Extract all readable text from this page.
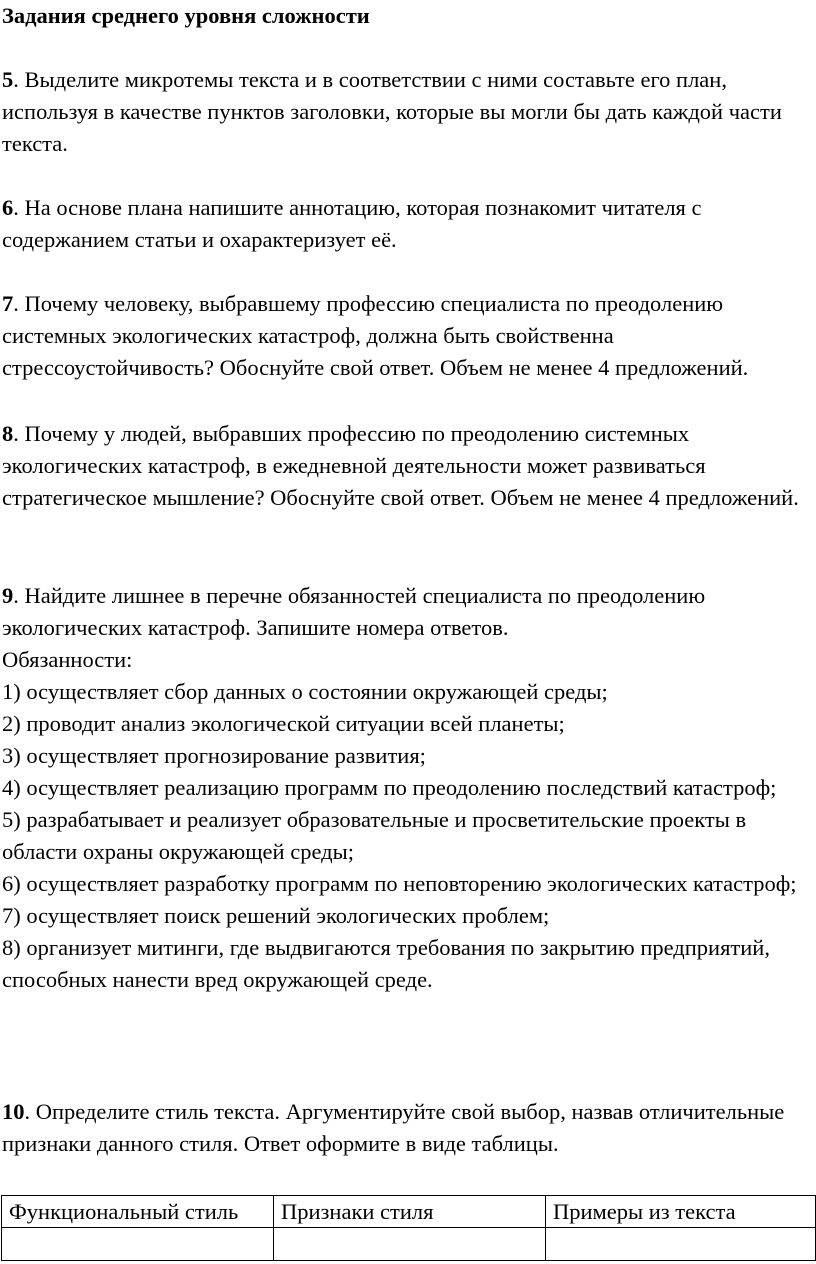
Задания среднего уровня сложности
5. Выделите микротемы текста и в соответствии с ними составьте его план, используя в качестве пунктов заголовки, которые вы могли бы дать каждой части текста.
6. На основе плана напишите аннотацию, которая познакомит читателя с содержанием статьи и охарактеризует её.
7. Почему человеку, выбравшему профессию специалиста по преодолению системных экологических катастроф, должна быть свойственна стрессоустойчивость? Обоснуйте свой ответ. Объем не менее 4 предложений.
8. Почему у людей, выбравших профессию по преодолению системных экологических катастроф, в ежедневной деятельности может развиваться стратегическое мышление? Обоснуйте свой ответ. Объем не менее 4 предложений.
9. Найдите лишнее в перечне обязанностей специалиста по преодолению экологических катастроф. Запишите номера ответов.
Обязанности:
1) осуществляет сбор данных о состоянии окружающей среды;
2) проводит анализ экологической ситуации всей планеты;
3) осуществляет прогнозирование развития;
4) осуществляет реализацию программ по преодолению последствий катастроф;
5) разрабатывает и реализует образовательные и просветительские проекты в области охраны окружающей среды;
6) осуществляет разработку программ по неповторению экологических катастроф;
7) осуществляет поиск решений экологических проблем;
8) организует митинги, где выдвигаются требования по закрытию предприятий, способных нанести вред окружающей среде.
10. Определите стиль текста. Аргументируйте свой выбор, назвав отличительные признаки данного стиля. Ответ оформите в виде таблицы.
Функциональный стиль	Признаки стиля	Примеры из текста
